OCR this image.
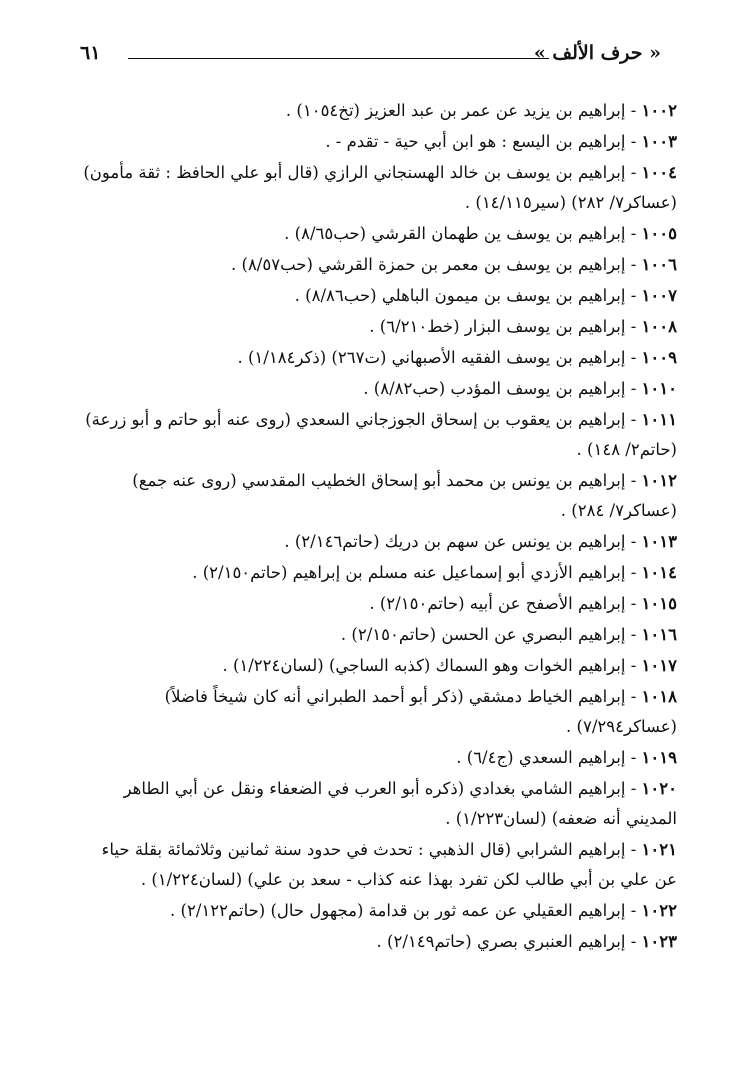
« حرف الألف »
٦١

١٠٠٢ - إبراهيم بن يزيد عن عمر بن عبد العزيز (تخ١٠٥٤) .

١٠٠٣ - إبراهيم بن اليسع : هو ابن أبي حية - تقدم - .

١٠٠٤ - إبراهيم بن يوسف بن خالد الهسنجاني الرازي (قال أبو علي الحافظ : ثقة مأمون) (عساكر٧/ ٢٨٢) (سير١٤/١١٥) .

١٠٠٥ - إبراهيم بن يوسف ين طهمان القرشي (حب٨/٦٥) .

١٠٠٦ - إبراهيم بن يوسف بن معمر بن حمزة القرشي (حب٨/٥٧) .

١٠٠٧ - إبراهيم بن يوسف بن ميمون الباهلي (حب٨/٨٦) .

١٠٠٨ - إبراهيم بن يوسف البزار (خط٦/٢١٠) .

١٠٠٩ - إبراهيم بن يوسف الفقيه الأصبهاني (ت٢٦٧) (ذكر١/١٨٤) .

١٠١٠ - إبراهيم بن يوسف المؤدب (حب٨/٨٢) .

١٠١١ - إبراهيم بن يعقوب بن إسحاق الجوزجاني السعدي (روى عنه أبو حاتم و أبو زرعة) (حاتم٢/ ١٤٨) .

١٠١٢ - إبراهيم بن يونس بن محمد أبو إسحاق الخطيب المقدسي (روى عنه جمع) (عساكر٧/ ٢٨٤) .

١٠١٣ - إبراهيم بن يونس عن سهم بن دريك (حاتم٢/١٤٦) .

١٠١٤ - إبراهيم الأزدي أبو إسماعيل عنه مسلم بن إبراهيم (حاتم٢/١٥٠) .

١٠١٥ - إبراهيم الأصفح عن أبيه (حاتم٢/١٥٠) .

١٠١٦ - إبراهيم البصري عن الحسن (حاتم٢/١٥٠) .

١٠١٧ - إبراهيم الخوات وهو السماك (كذبه الساجي) (لسان١/٢٢٤) .

١٠١٨ - إبراهيم الخياط دمشقي (ذكر أبو أحمد الطبراني أنه كان شيخاً فاضلاً) (عساكر٧/٢٩٤) .

١٠١٩ - إبراهيم السعدي (ج٦/٤) .

١٠٢٠ - إبراهيم الشامي بغدادي (ذكره أبو العرب في الضعفاء ونقل عن أبي الطاهر المديني أنه ضعفه) (لسان١/٢٢٣) .

١٠٢١ - إبراهيم الشرابي (قال الذهبي : تحدث في حدود سنة ثمانين وثلاثمائة بقلة حياء عن علي بن أبي طالب لكن تفرد بهذا عنه كذاب - سعد بن علي) (لسان١/٢٢٤) .

١٠٢٢ - إبراهيم العقيلي عن عمه ثور بن قدامة (مجهول حال) (حاتم٢/١٢٢) .

١٠٢٣ - إبراهيم العنبري بصري (حاتم٢/١٤٩) .
